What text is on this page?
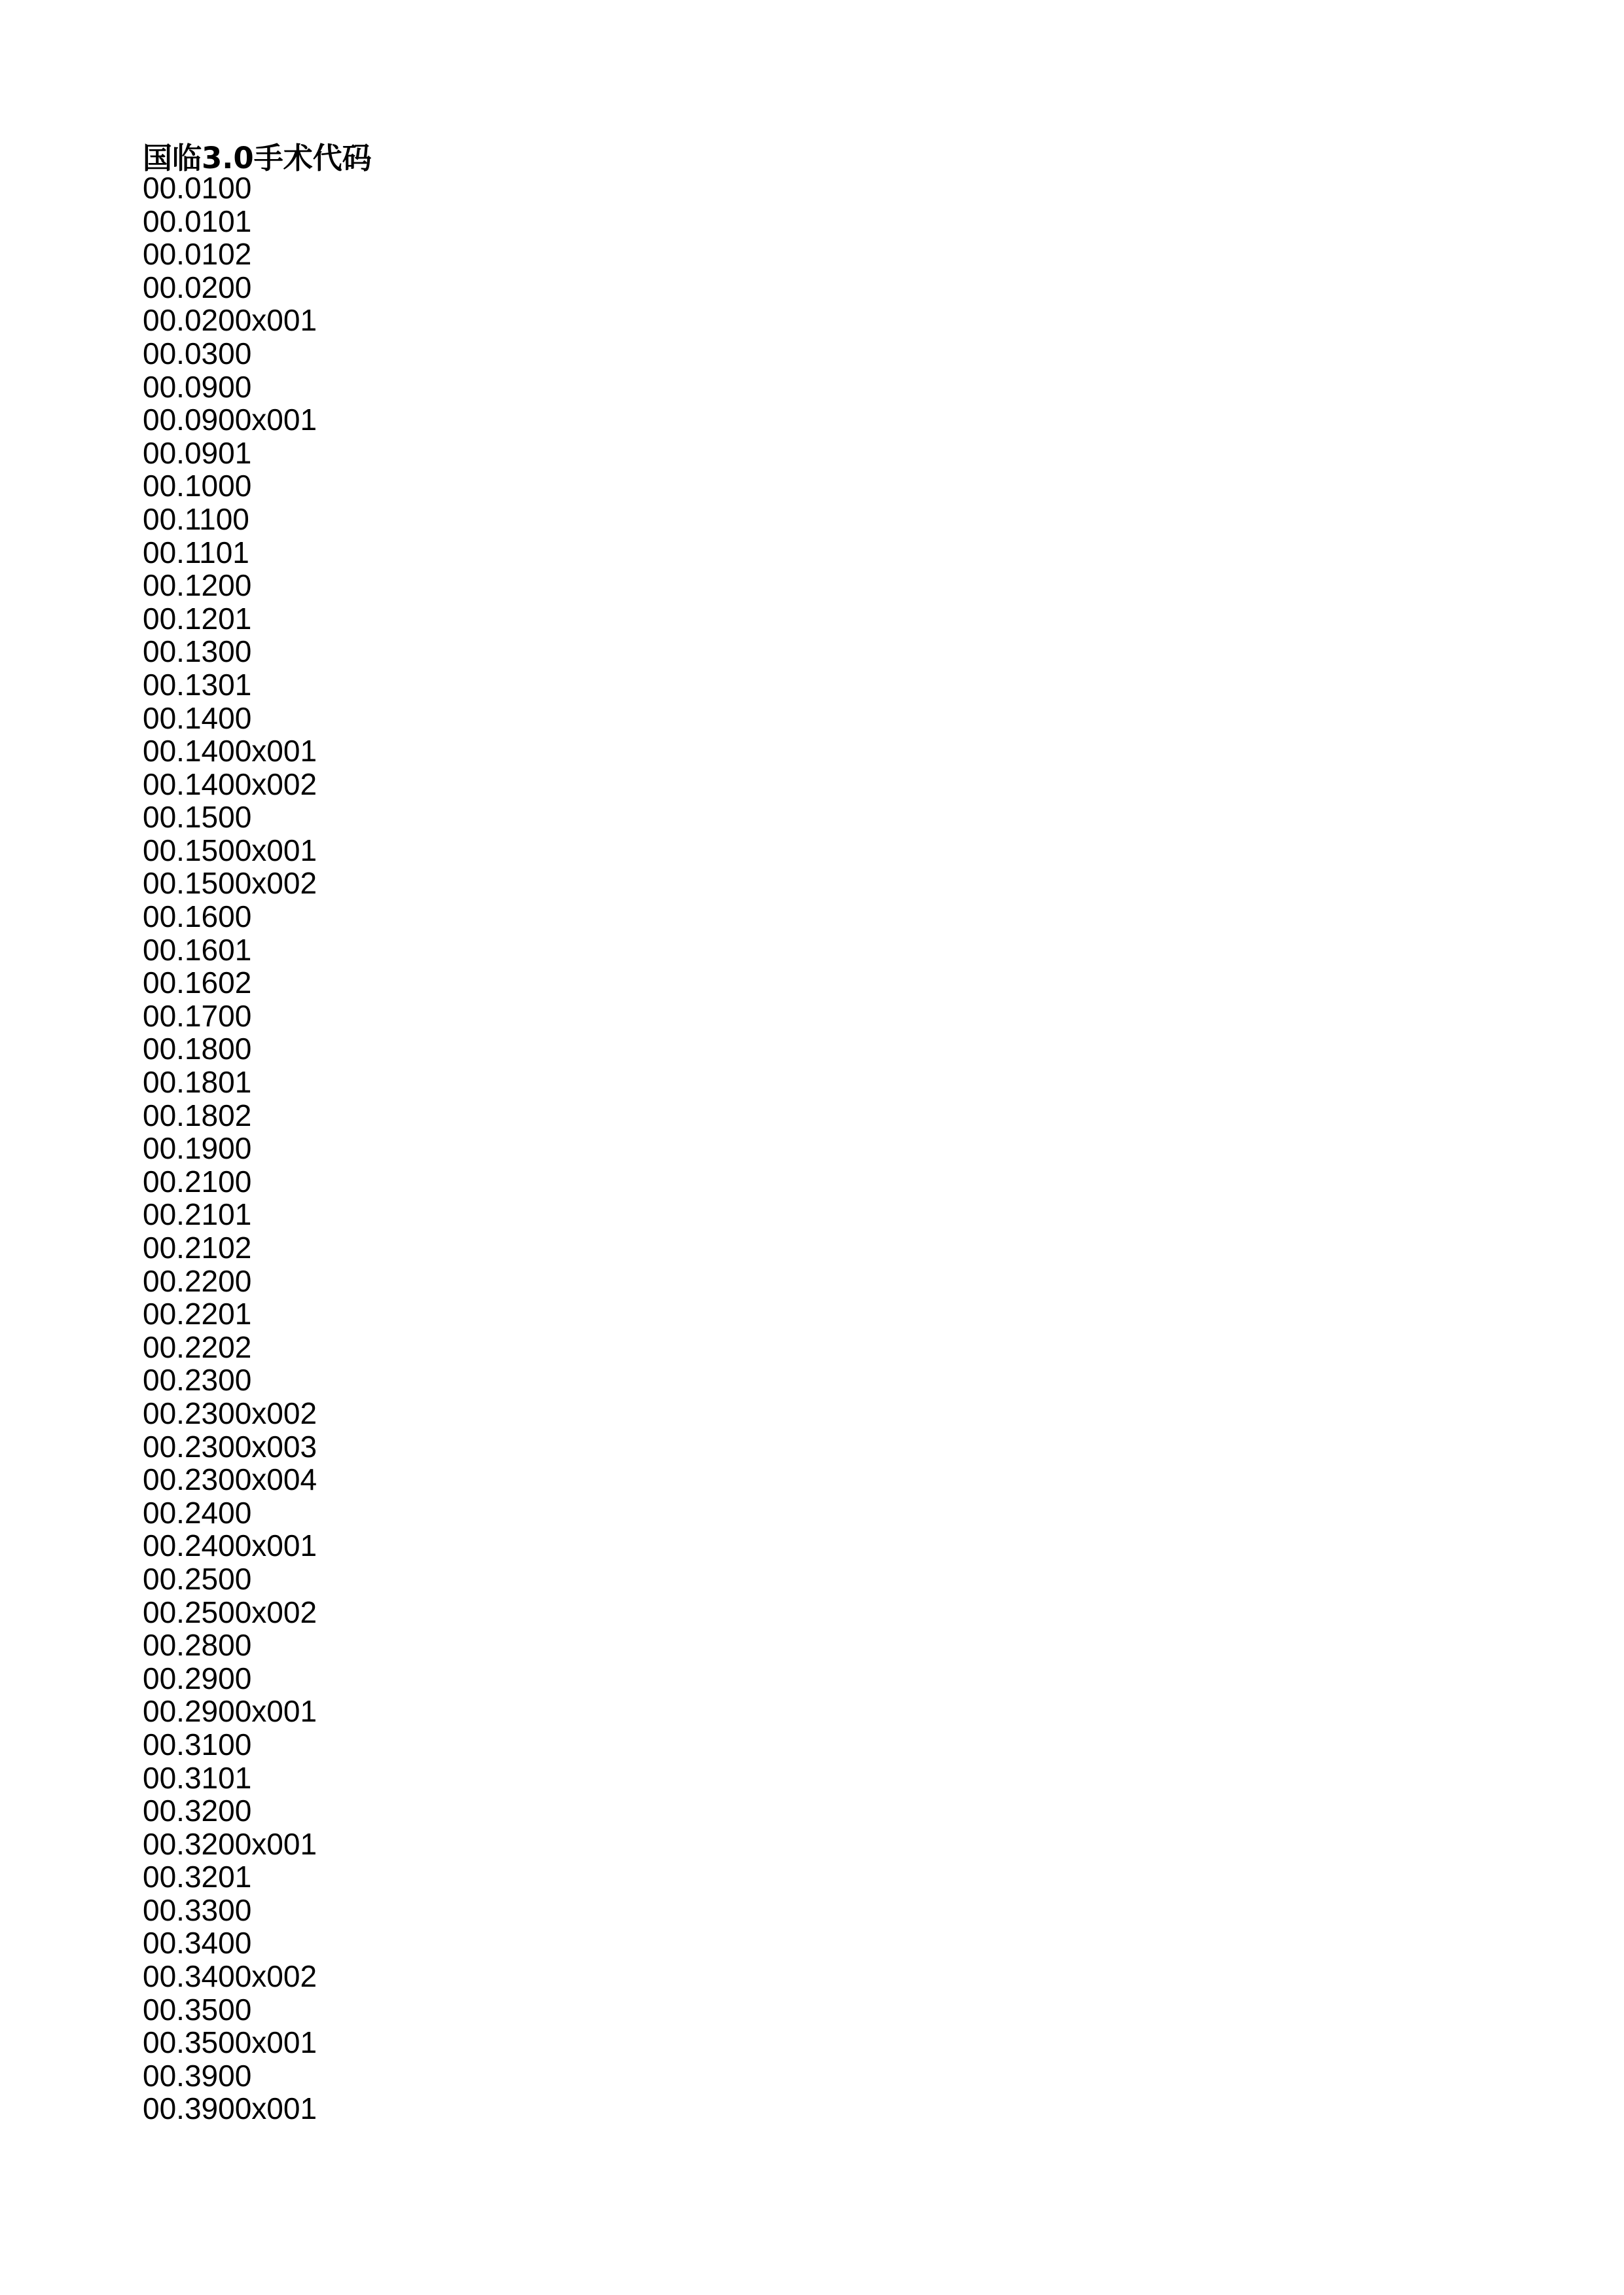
国临3.0手术代码
00.0100
00.0101
00.0102
00.0200
00.0200x001
00.0300
00.0900
00.0900x001
00.0901
00.1000
00.1100
00.1101
00.1200
00.1201
00.1300
00.1301
00.1400
00.1400x001
00.1400x002
00.1500
00.1500x001
00.1500x002
00.1600
00.1601
00.1602
00.1700
00.1800
00.1801
00.1802
00.1900
00.2100
00.2101
00.2102
00.2200
00.2201
00.2202
00.2300
00.2300x002
00.2300x003
00.2300x004
00.2400
00.2400x001
00.2500
00.2500x002
00.2800
00.2900
00.2900x001
00.3100
00.3101
00.3200
00.3200x001
00.3201
00.3300
00.3400
00.3400x002
00.3500
00.3500x001
00.3900
00.3900x001
